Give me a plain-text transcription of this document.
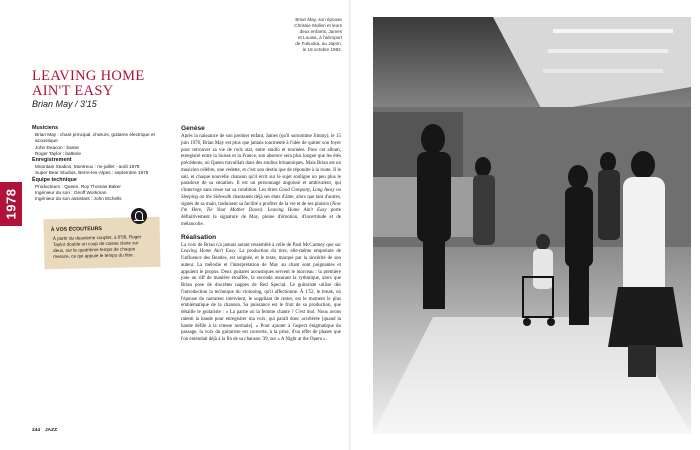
Brian May, son épouse
Chrissie Mullen et leurs
deux enfants, James
et Louisa, à l'aéroport
de Fukuoka, au Japon,
le 18 octobre 1982.
LEAVING HOME
AIN'T EASY
Brian May / 3'15
1978
Musiciens
Brian May : chant principal, chœurs, guitares électrique et acoustique
John Deacon : basse
Roger Taylor : batterie
Enregistrement
Mountain Studios, Montreux : mi-juillet - août 1978
Super Bear Studios, Berre-les-Alpes : septembre 1978
Équipe technique
Producteurs : Queen, Roy Thomas Baker
Ingénieur du son : Geoff Workman
Ingénieur du son assistant : John Etchells
À VOS ÉCOUTEURS
À partir du deuxième couplet, à 0'56, Roger Taylor double un coup de caisse claire sur deux, sur le quatrième temps de chaque mesure, ce qui appuie le tempo du titre.
Genèse

Après la naissance de son premier enfant, James (qu'il surnomme Jimmy), le 15 juin 1978, Brian May est plus que jamais tourmenté à l'idée de quitter son foyer pour retrouver sa vie de rock star, entre studio et tournées. Pour cet album, enregistré entre la Suisse et la France, son absence sera plus longue que les étés précédents, où Queen travaillait dans des studios britanniques. Mais Brian est un musicien célèbre, une vedette, et c'est son destin que de répondre à la route. Il le sait, et chaque nouvelle chanson qu'il écrit sur le sujet souligne un peu plus le paradoxe de sa situation. Il est un personnage angoissé et ambivalent, qui s'interroge sans cesse sur sa condition. Les titres Good Company, Long Away ou Sleeping on the Sidewalk chantaient déjà ses états d'âme, alors que tant d'autres, signés de sa main, traduisent sa facilité à profiter de la vie et de ses plaisirs (Now I'm Here, Tie Your Mother Down). Leaving Home Ain't Easy porte définitivement la signature de May, pleine d'émotion, d'incertitude et de mélancolie.

Réalisation

La voix de Brian n'a jamais autant ressemblé à celle de Paul McCartney que sur Leaving Home Ain't Easy. La production du titre, elle-même empreinte de l'influence des Beatles, est soignée, et le texte, marqué par la sincérité de son auteur. La mélodie et l'interprétation de May au chant sont poignantes et appuient le propos. Deux guitares acoustiques servent le morceau : la première joue un riff de manière étouffée, la seconde assurant la rythmique, alors que Brian pose de discrètes nappes de Red Special. Le guitariste utilise dès l'introduction la technique du violoning, qu'il affectionne. À 1'52, le break, où l'épouse du narrateur intervient, le suppliant de rester, est le moment le plus emblématique de la chanson. Sa puissance est le fruit de sa production, que détaille le guitariste : « La partie où la femme chante ? C'est moi. Nous avons ralenti la bande pour enregistrer ma voix, qui paraît donc accélérée [quand la bande défile à la vitesse normale]. » Pour ajouter à l'aspect énigmatique du passage, la voix du guitariste est couverte, à la prise, d'un effet de phaser que l'on entendait déjà à la fin de sa chanson '39, sur « A Night at the Opera ».

244 JAZZ
